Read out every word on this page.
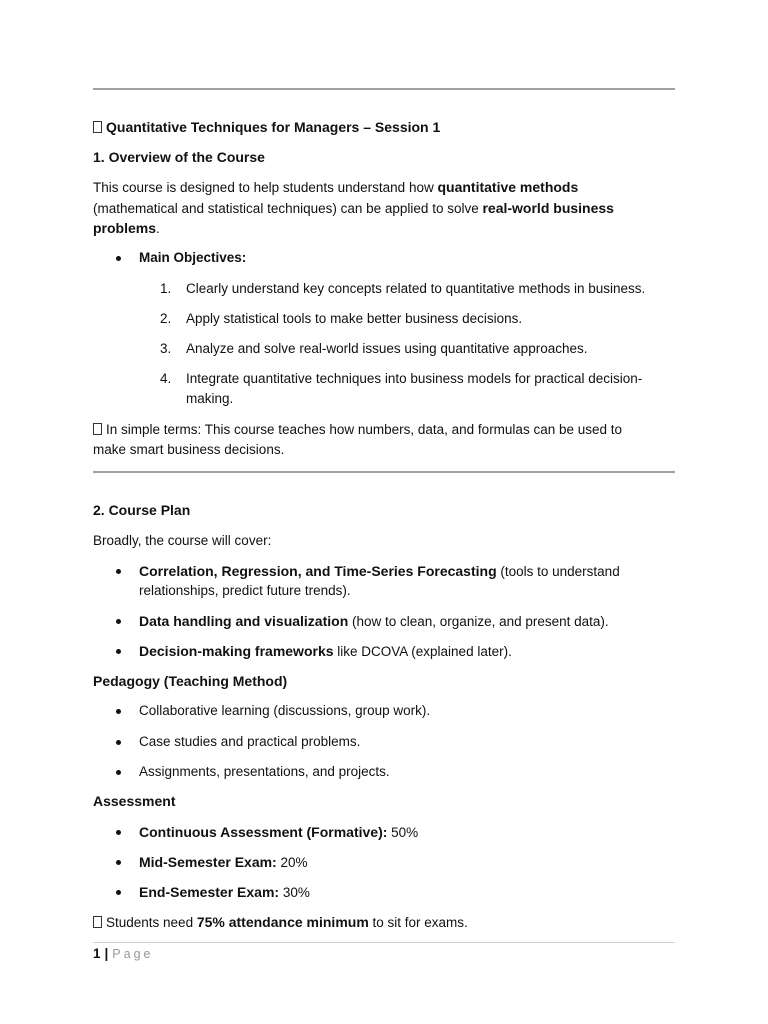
Quantitative Techniques for Managers – Session 1
1. Overview of the Course
This course is designed to help students understand how quantitative methods
(mathematical and statistical techniques) can be applied to solve real-world business
problems.
Main Objectives:
1.	Clearly understand key concepts related to quantitative methods in business.
2.	Apply statistical tools to make better business decisions.
3.	Analyze and solve real-world issues using quantitative approaches.
4.	Integrate quantitative techniques into business models for practical decision-
making.
In simple terms: This course teaches how numbers, data, and formulas can be used to
make smart business decisions.
2. Course Plan
Broadly, the course will cover:
Correlation, Regression, and Time-Series Forecasting (tools to understand
relationships, predict future trends).
Data handling and visualization (how to clean, organize, and present data).
Decision-making frameworks like DCOVA (explained later).
Pedagogy (Teaching Method)
Collaborative learning (discussions, group work).
Case studies and practical problems.
Assignments, presentations, and projects.
Assessment
Continuous Assessment (Formative): 50%
Mid-Semester Exam: 20%
End-Semester Exam: 30%
Students need 75% attendance minimum to sit for exams.
1 | Page
